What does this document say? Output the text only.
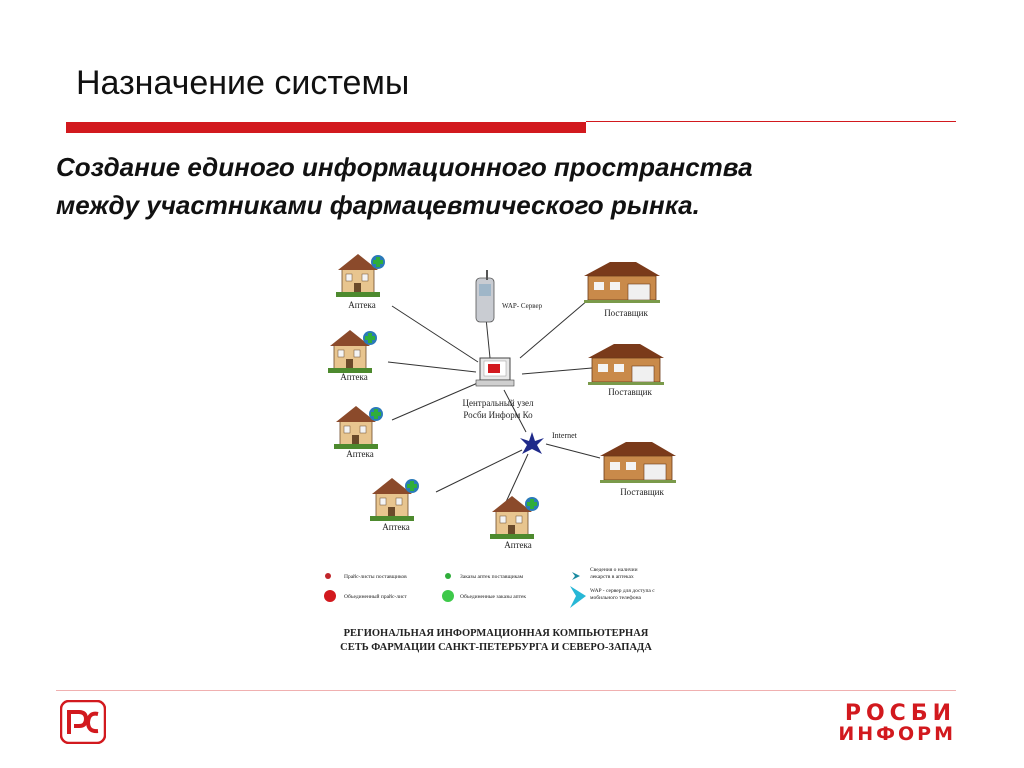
Назначение системы
Создание единого информационного пространства
между участниками фармацевтического рынка.
Аптека
Аптека
Аптека
Аптека
Аптека
Поставщик
Поставщик
Поставщик
WAP- Сервер
Центральный узел
Росби Информ Ко
Internet
Прайс-листы поставщиков	Заказы аптек поставщикам
Сведения о наличии
лекарств в аптеках
Объединенный прайс-лист	Объединенные заказы аптек
WAP - сервер для доступа с
мобильного телефона
РЕГИОНАЛЬНАЯ ИНФОРМАЦИОННАЯ КОМПЬЮТЕРНАЯ
СЕТЬ ФАРМАЦИИ САНКТ-ПЕТЕРБУРГА И СЕВЕРО-ЗАПАДА
РОСБИ
ИНФОРМ
